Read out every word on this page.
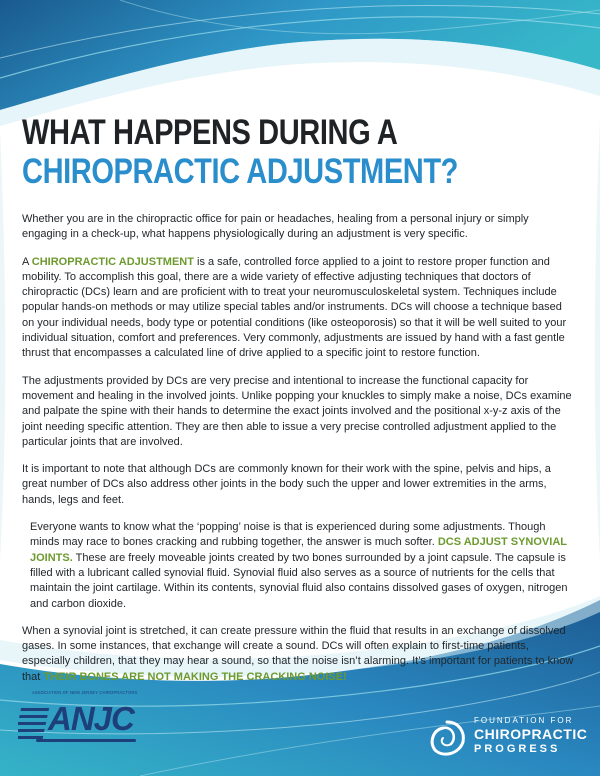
WHAT HAPPENS DURING A
CHIROPRACTIC ADJUSTMENT?

Whether you are in the chiropractic office for pain or headaches, healing from a personal injury or simply engaging in a check-up, what happens physiologically during an adjustment is very specific.

A CHIROPRACTIC ADJUSTMENT is a safe, controlled force applied to a joint to restore proper function and mobility. To accomplish this goal, there are a wide variety of effective adjusting techniques that doctors of chiropractic (DCs) learn and are proficient with to treat your neuromusculoskeletal system. Techniques include popular hands-on methods or may utilize special tables and/or instruments. DCs will choose a technique based on your individual needs, body type or potential conditions (like osteoporosis) so that it will be well suited to your individual situation, comfort and preferences. Very commonly, adjustments are issued by hand with a fast gentle thrust that encompasses a calculated line of drive applied to a specific joint to restore function.

The adjustments provided by DCs are very precise and intentional to increase the functional capacity for movement and healing in the involved joints. Unlike popping your knuckles to simply make a noise, DCs examine and palpate the spine with their hands to determine the exact joints involved and the positional x-y-z axis of the joint needing specific attention. They are then able to issue a very precise controlled adjustment applied to the particular joints that are involved.

It is important to note that although DCs are commonly known for their work with the spine, pelvis and hips, a great number of DCs also address other joints in the body such the upper and lower extremities in the arms, hands, legs and feet.

Everyone wants to know what the ‘popping’ noise is that is experienced during some adjustments. Though minds may race to bones cracking and rubbing together, the answer is much softer. DCS ADJUST SYNOVIAL JOINTS. These are freely moveable joints created by two bones surrounded by a joint capsule. The capsule is filled with a lubricant called synovial fluid. Synovial fluid also serves as a source of nutrients for the cells that maintain the joint cartilage. Within its contents, synovial fluid also contains dissolved gases of oxygen, nitrogen and carbon dioxide.

When a synovial joint is stretched, it can create pressure within the fluid that results in an exchange of dissolved gases. In some instances, that exchange will create a sound. DCs will often explain to first-time patients, especially children, that they may hear a sound, so that the noise isn’t alarming. It’s important for patients to know that THEIR BONES ARE NOT MAKING THE CRACKING NOISE!

ASSOCIATION OF NEW JERSEY CHIROPRACTORS
ANJC	FOUNDATION FOR
CHIROPRACTIC
PROGRESS
